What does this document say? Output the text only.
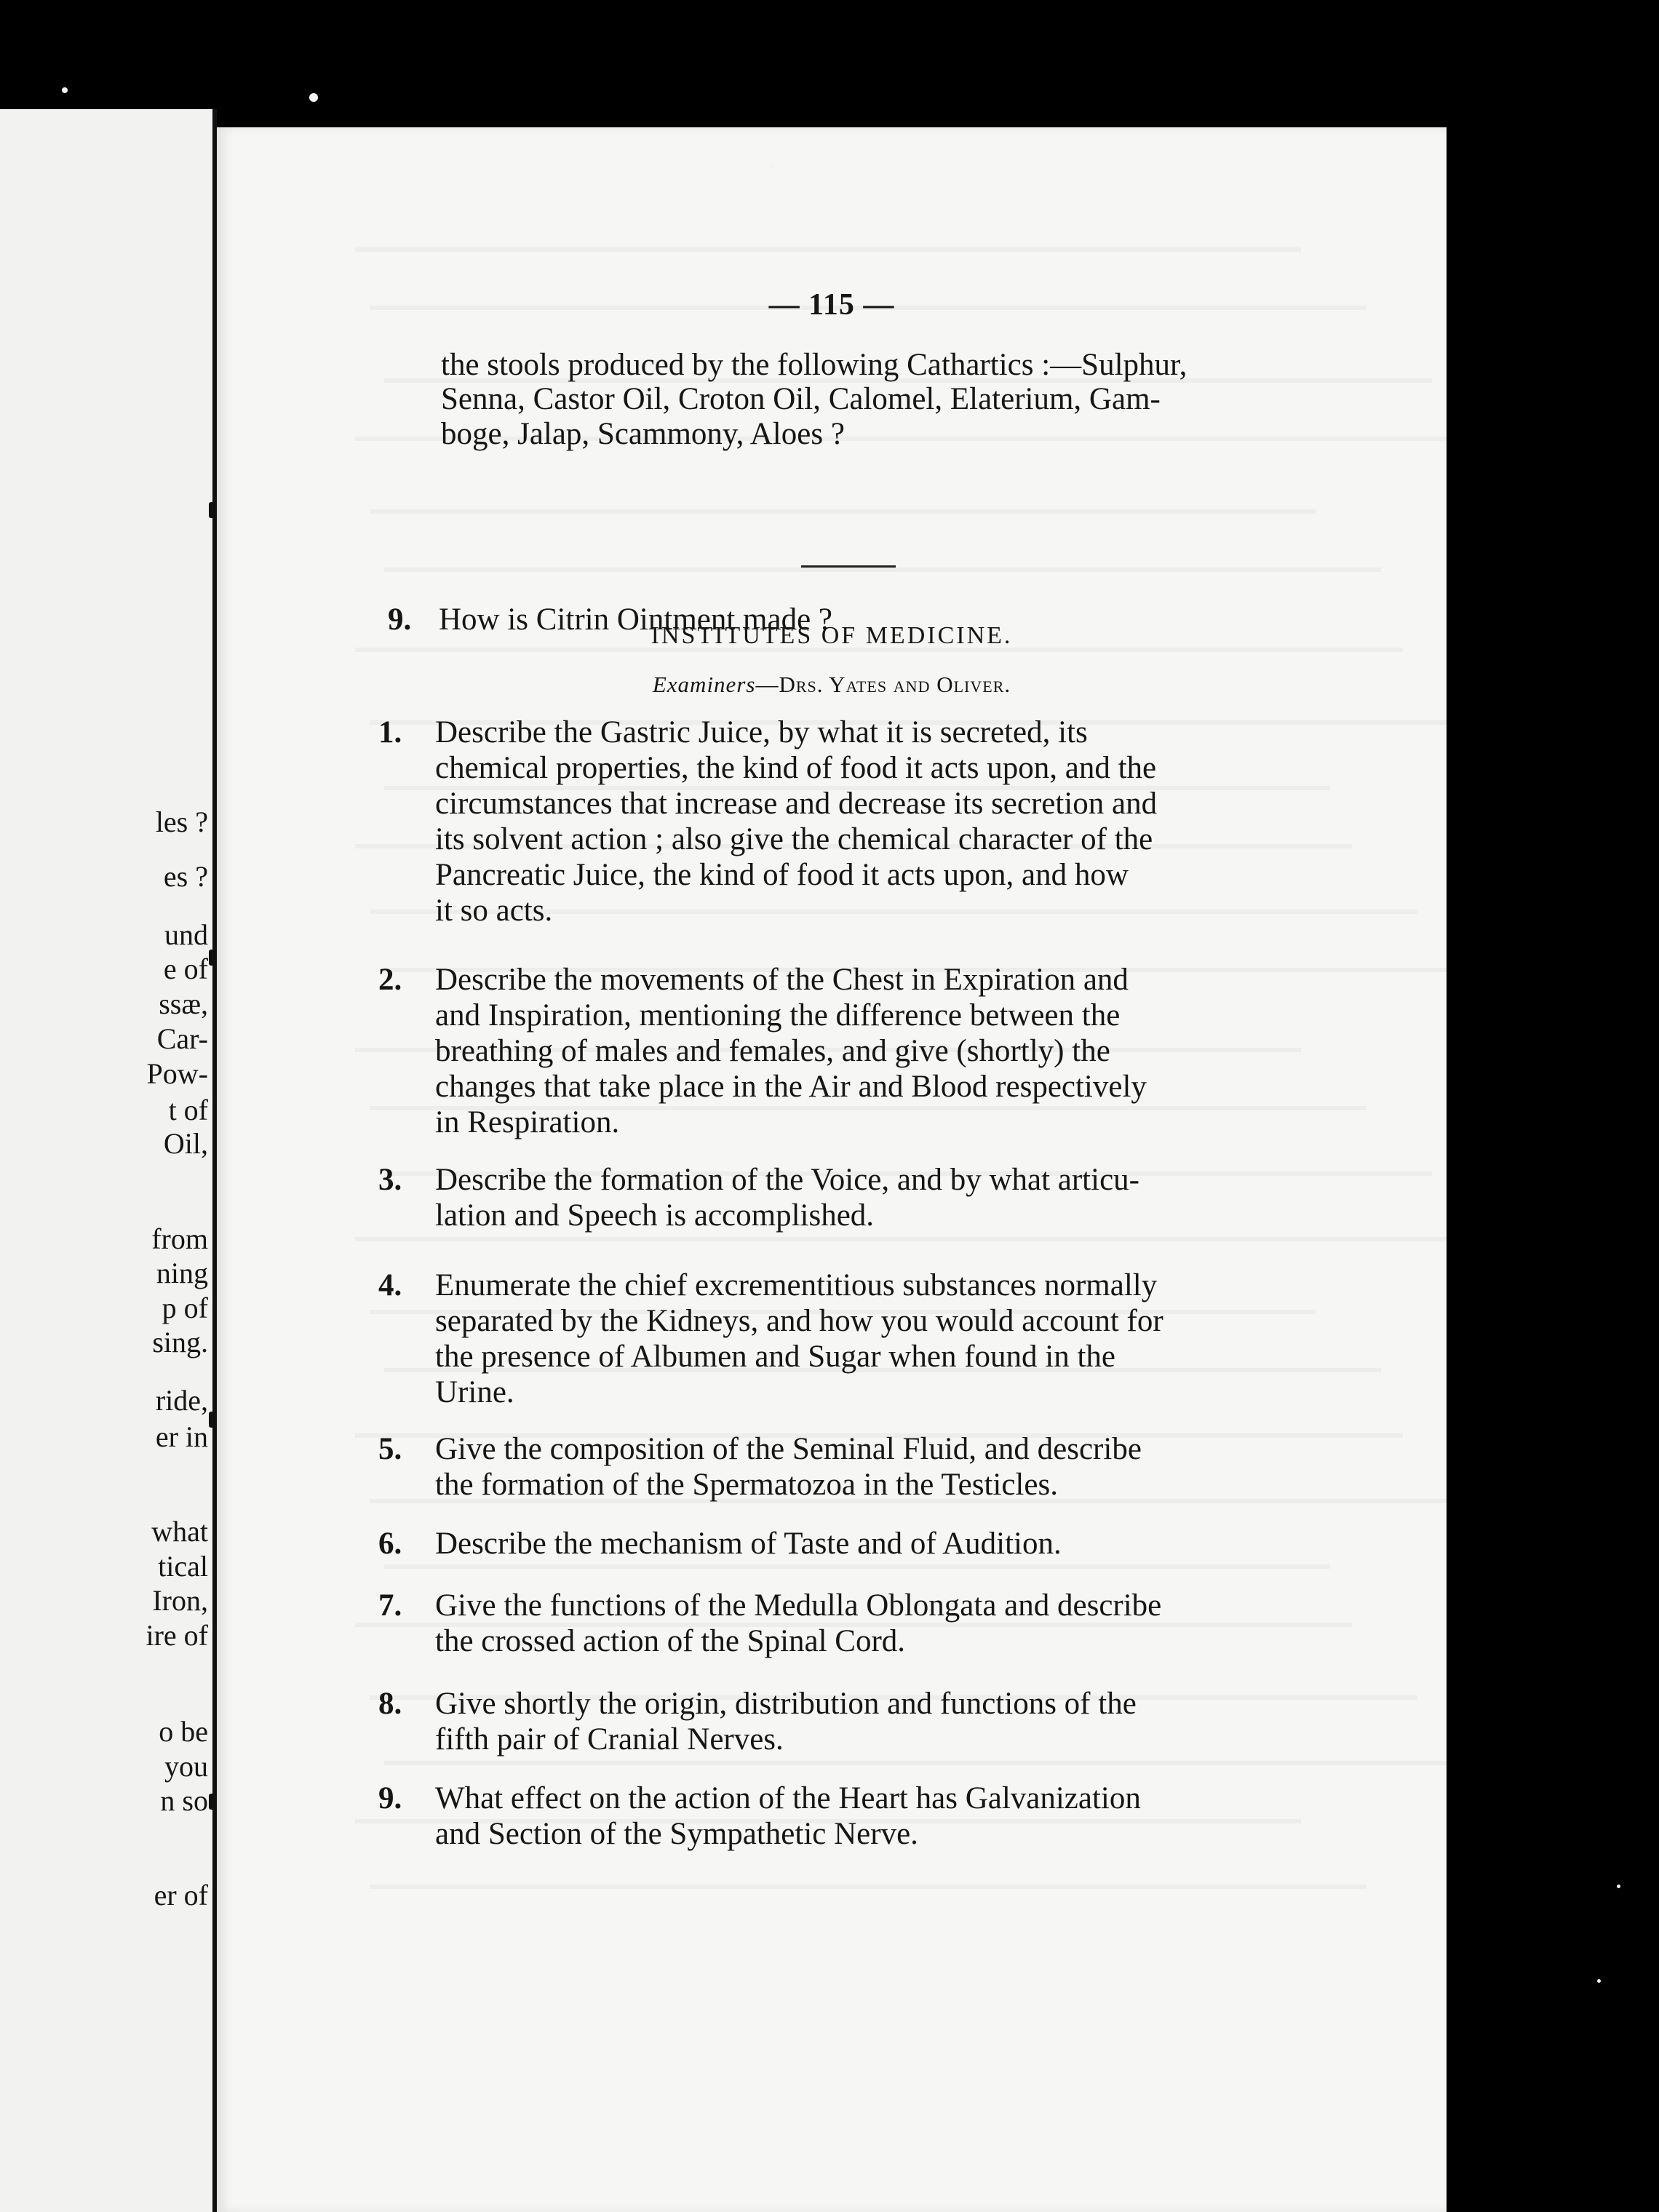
les ?
es ?
und
e of
ssæ,
Car-
Pow-
t of
Oil,
from
ning
p of
sing.
ride,
er in
what
tical
Iron,
ire of
o be
you
n so
er of
— 115 —
the stools produced by the following Cathartics :—Sulphur,
Senna, Castor Oil, Croton Oil, Calomel, Elaterium, Gam-
boge, Jalap, Scammony, Aloes ?
9. How is Citrin Ointment made ?
INSTITUTES OF MEDICINE.
Examiners—Drs. Yates and Oliver.
1. Describe the Gastric Juice, by what it is secreted, its
chemical properties, the kind of food it acts upon, and the
circumstances that increase and decrease its secretion and
its solvent action ; also give the chemical character of the
Pancreatic Juice, the kind of food it acts upon, and how
it so acts.
2. Describe the movements of the Chest in Expiration and
and Inspiration, mentioning the difference between the
breathing of males and females, and give (shortly) the
changes that take place in the Air and Blood respectively
in Respiration.
3. Describe the formation of the Voice, and by what articu-
lation and Speech is accomplished.
4. Enumerate the chief excrementitious substances normally
separated by the Kidneys, and how you would account for
the presence of Albumen and Sugar when found in the
Urine.
5. Give the composition of the Seminal Fluid, and describe
the formation of the Spermatozoa in the Testicles.
6. Describe the mechanism of Taste and of Audition.
7. Give the functions of the Medulla Oblongata and describe
the crossed action of the Spinal Cord.
8. Give shortly the origin, distribution and functions of the
fifth pair of Cranial Nerves.
9. What effect on the action of the Heart has Galvanization
and Section of the Sympathetic Nerve.
